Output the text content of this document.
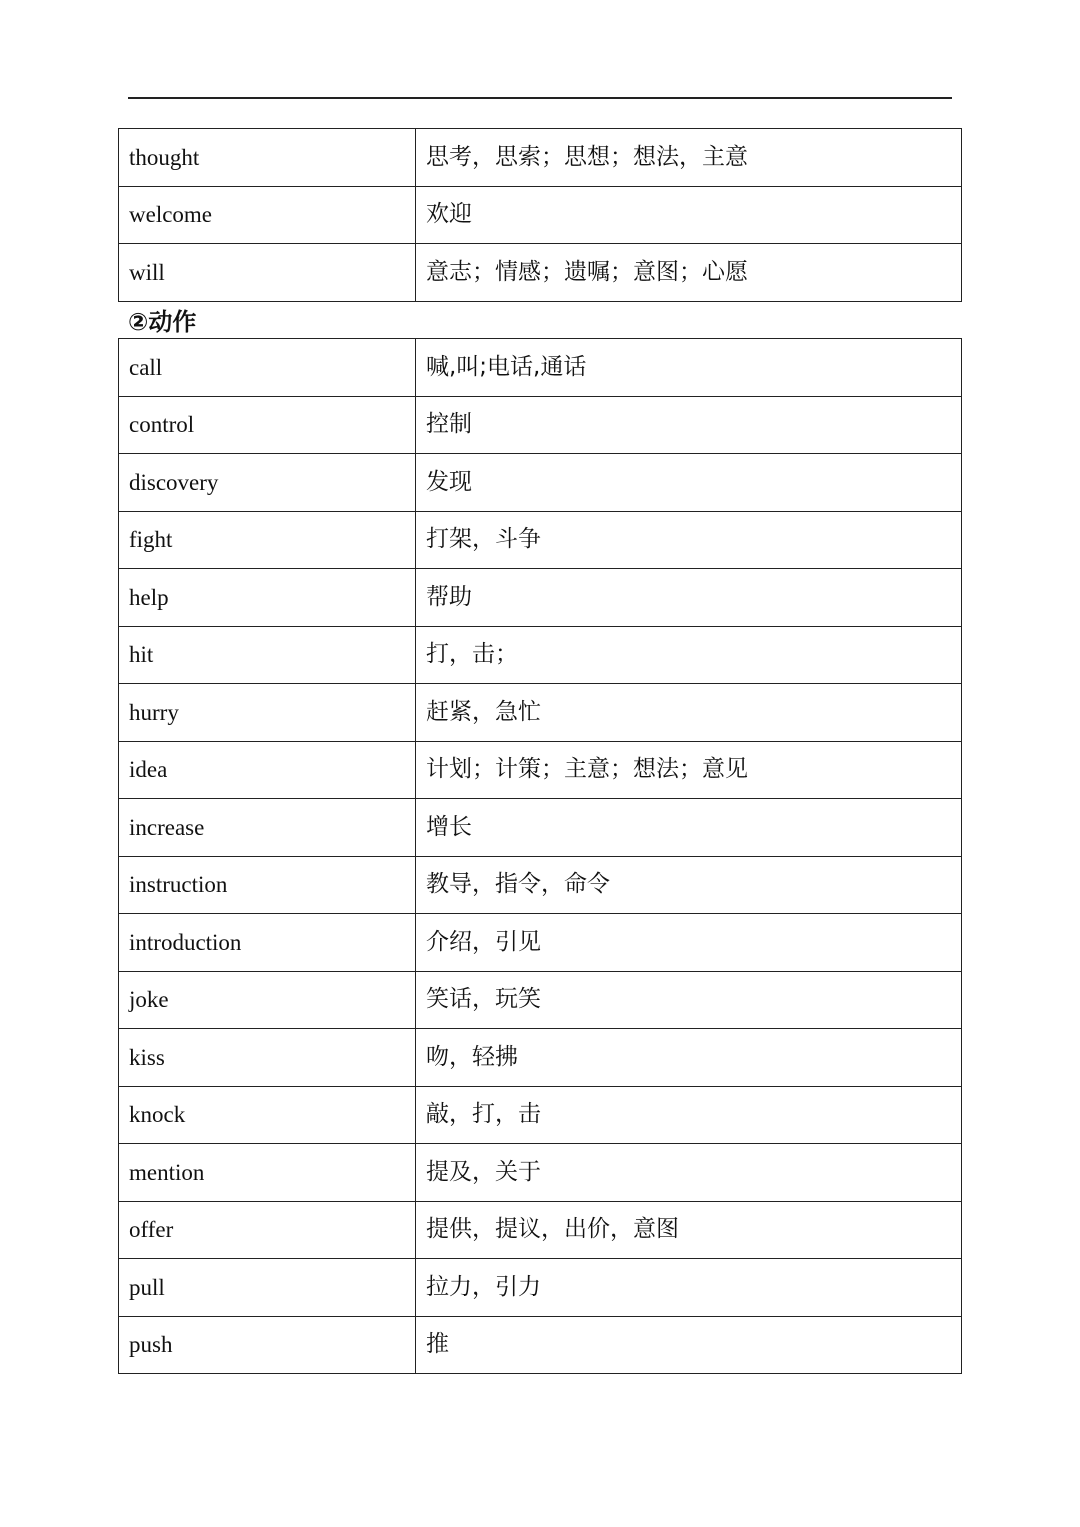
thought	思考，思索；思想；想法，主意
welcome	欢迎
will	意志；情感；遗嘱；意图；心愿
②动作
call	喊,叫;电话,通话
control	控制
discovery	发现
fight	打架，斗争
help	帮助
hit	打，击；
hurry	赶紧，急忙
idea	计划；计策；主意；想法；意见
increase	增长
instruction	教导，指令，命令
introduction	介绍，引见
joke	笑话，玩笑
kiss	吻，轻拂
knock	敲，打，击
mention	提及，关于
offer	提供，提议，出价，意图
pull	拉力，引力
push	推
